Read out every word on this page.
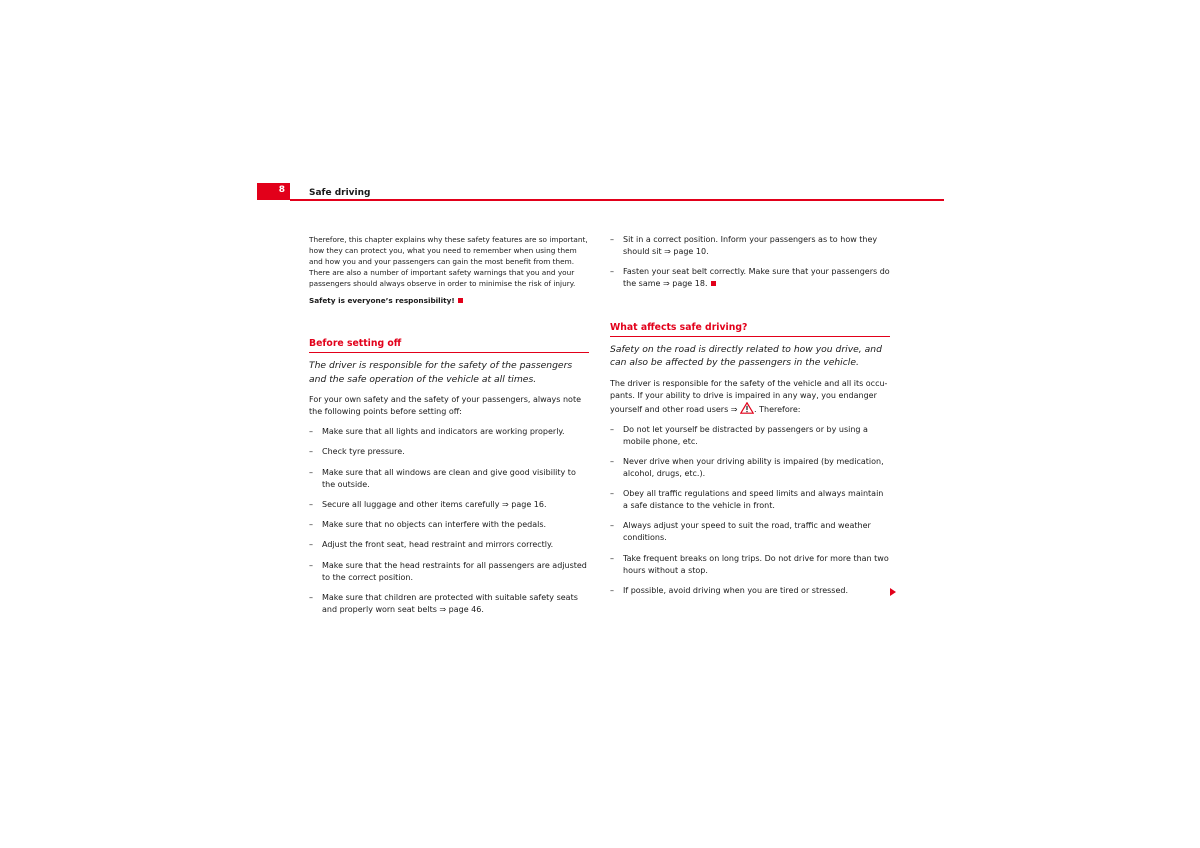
8	Safe driving

Therefore, this chapter explains why these safety features are so important, how they can protect you, what you need to remember when using them and how you and your passengers can gain the most benefit from them. There are also a number of important safety warnings that you and your passengers should always observe in order to minimise the risk of injury.

Safety is everyone’s responsibility!

Before setting off

The driver is responsible for the safety of the passengers and the safe operation of the vehicle at all times.

For your own safety and the safety of your passengers, always note the following points before setting off:

– Make sure that all lights and indicators are working properly.
– Check tyre pressure.
– Make sure that all windows are clean and give good visibility to the outside.
– Secure all luggage and other items carefully ⇒ page 16.
– Make sure that no objects can interfere with the pedals.
– Adjust the front seat, head restraint and mirrors correctly.
– Make sure that the head restraints for all passengers are adjusted to the correct position.
– Make sure that children are protected with suitable safety seats and properly worn seat belts ⇒ page 46.
– Sit in a correct position. Inform your passengers as to how they should sit ⇒ page 10.
– Fasten your seat belt correctly. Make sure that your passengers do the same ⇒ page 18.
What affects safe driving?

Safety on the road is directly related to how you drive, and can also be affected by the passengers in the vehicle.

The driver is responsible for the safety of the vehicle and all its occu-pants. If your ability to drive is impaired in any way, you endanger yourself and other road users ⇒ . Therefore:

– Do not let yourself be distracted by passengers or by using a mobile phone, etc.
– Never drive when your driving ability is impaired (by medication, alcohol, drugs, etc.).
– Obey all traffic regulations and speed limits and always maintain a safe distance to the vehicle in front.
– Always adjust your speed to suit the road, traffic and weather conditions.
– Take frequent breaks on long trips. Do not drive for more than two hours without a stop.
– If possible, avoid driving when you are tired or stressed.
